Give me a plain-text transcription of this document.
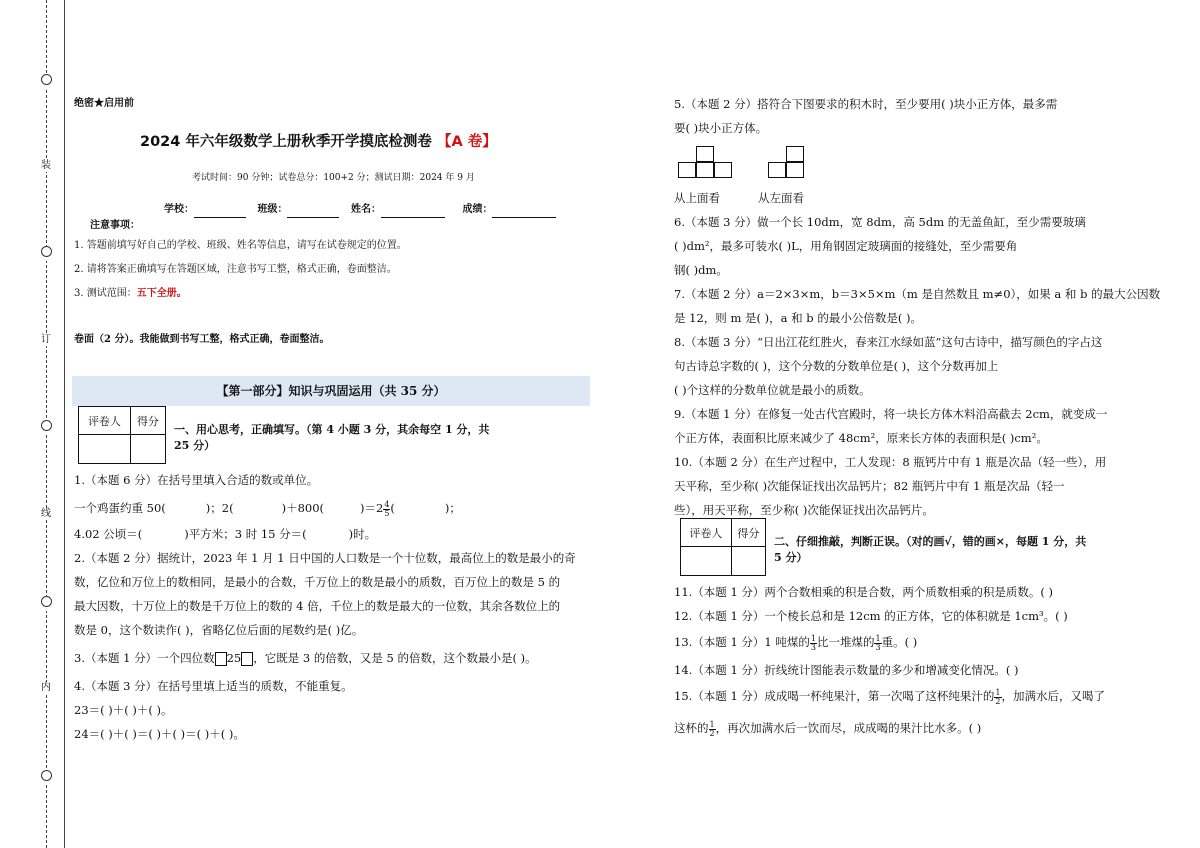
装
订
线
内
绝密★启用前
2024 年六年级数学上册秋季开学摸底检测卷 【A 卷】
考试时间：90 分钟；试卷总分：100+2 分；测试日期：2024 年 9 月
学校：	班级：	姓名：	成绩：
注意事项：
1. 答题前填写好自己的学校、班级、姓名等信息，请写在试卷规定的位置。
2. 请将答案正确填写在答题区域，注意书写工整，格式正确，卷面整洁。
3. 测试范围：五下全册。
卷面（2 分）。我能做到书写工整，格式正确，卷面整洁。
【第一部分】知识与巩固运用（共 35 分）
评卷人	得分

一、用心思考，正确填写。（第 4 小题 3 分，其余每空 1 分，共
25 分）
1.（本题 6 分）在括号里填入合适的数或单位。
一个鸡蛋约重 50(	)；2(	)＋800(	)$=2 \frac{4}{5}$ (	)；
4.02 公顷＝(	)平方米；3 时 15 分＝(	)时。
2.（本题 2 分）据统计，2023 年 1 月 1 日中国的人口数是一个十位数，最高位上的数是最小的奇
数，亿位和万位上的数相同，是最小的合数，千万位上的数是最小的质数，百万位上的数是 5 的
最大因数，十万位上的数是千万位上的数的 4 倍，千位上的数是最大的一位数，其余各数位上的
数是 0，这个数读作( )，省略亿位后面的尾数约是( )亿。
3.（本题 1 分）一个四位数 25 ，它既是 3 的倍数，又是 5 的倍数，这个数最小是( )。
4.（本题 3 分）在括号里填上适当的质数，不能重复。
23＝( )＋( )＋( )。
24＝( )＋( )＝( )＋( )＝( )＋( )。
5.（本题 2 分）搭符合下图要求的积木时，至少要用( )块小正方体，最多需
要( )块小正方体。
从上面看	从左面看
6.（本题 3 分）做一个长 10dm，宽 8dm，高 5dm 的无盖鱼缸，至少需要玻璃
( )dm²，最多可装水( )L，用角钢固定玻璃面的接缝处，至少需要角
钢( )dm。
7.（本题 2 分）a＝2×3×m，b＝3×5×m（m 是自然数且 m≠0），如果 a 和 b 的最大公因数
是 12，则 m 是( )，a 和 b 的最小公倍数是( )。
8.（本题 3 分）“日出江花红胜火，春来江水绿如蓝”这句古诗中，描写颜色的字占这
句古诗总字数的( )，这个分数的分数单位是( )，这个分数再加上
( )个这样的分数单位就是最小的质数。
9.（本题 1 分）在修复一处古代宫殿时，将一块长方体木料沿高截去 2cm，就变成一
个正方体，表面积比原来减少了 48cm²，原来长方体的表面积是( )cm²。
10.（本题 2 分）在生产过程中，工人发现：8 瓶钙片中有 1 瓶是次品（轻一些），用
天平称，至少称( )次能保证找出次品钙片；82 瓶钙片中有 1 瓶是次品（轻一
些），用天平称，至少称( )次能保证找出次品钙片。
评卷人	得分

二、仔细推敲，判断正误。（对的画√，错的画×，每题 1 分，共
5 分）
11.（本题 1 分）两个合数相乘的积是合数，两个质数相乘的积是质数。( )
12.（本题 1 分）一个棱长总和是 12cm 的正方体，它的体积就是 1cm³。( )
13.（本题 1 分）1 吨煤的 $\frac{1}{3}$ 比一堆煤的 $\frac{1}{3}$ 重。( )
14.（本题 1 分）折线统计图能表示数量的多少和增减变化情况。( )
15.（本题 1 分）成成喝一杯纯果汁，第一次喝了这杯纯果汁的 $\frac{1}{2}$ ，加满水后，又喝了
这杯的 $\frac{1}{2}$ ，再次加满水后一饮而尽，成成喝的果汁比水多。( )
